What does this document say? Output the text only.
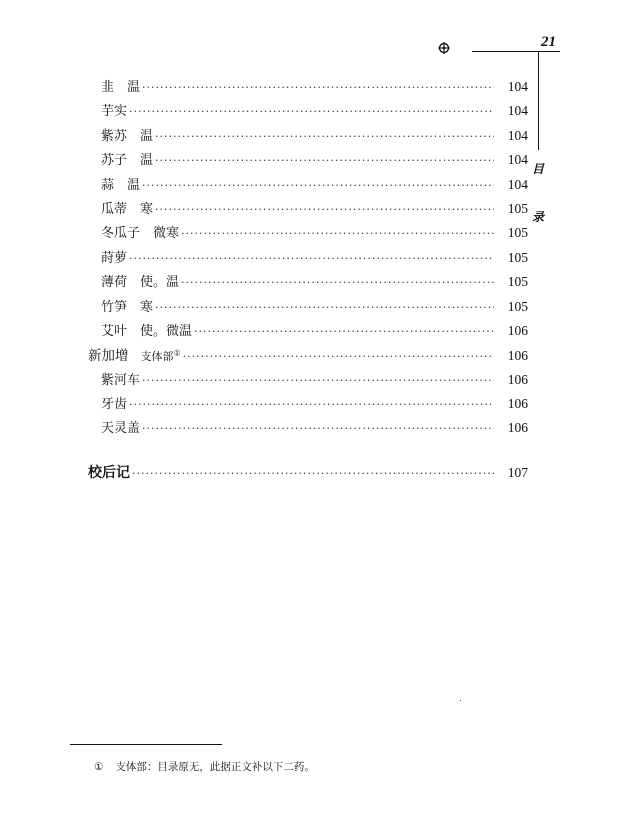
21
目
录
韭　温 ·····	104
芋实 ·····	104
紫苏　温 ·····	104
苏子　温 ·····	104
蒜　温 ·····	104
瓜蒂　寒 ·····	105
冬瓜子　微寒 ·····	105
莳萝 ·····	105
薄荷　使。温 ·····	105
竹笋　寒 ·····	105
艾叶　使。微温 ·····	106
新加增 支体部① ·····	106
紫河车 ·····	106
牙齿 ·····	106
天灵盖 ·····	106
校后记 ·····	107
① 支体部：目录原无，此据正文补以下二药。
